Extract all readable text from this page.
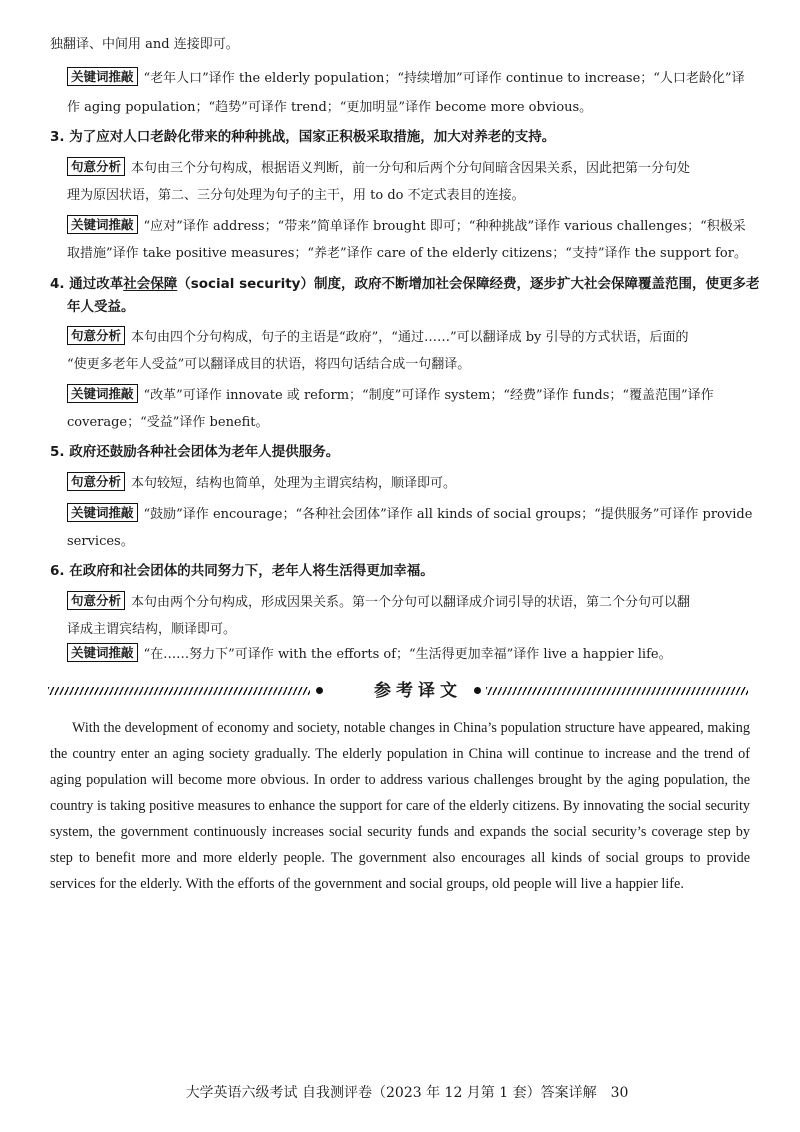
独翻译、中间用 and 连接即可。
关键词推敲 “老年人口”译作 the elderly population；“持续增加”可译作 continue to increase；“人口老龄化”译
作 aging population；“趋势”可译作 trend；“更加明显”译作 become more obvious。
3. 为了应对人口老龄化带来的种种挑战，国家正积极采取措施，加大对养老的支持。
句意分析 本句由三个分句构成，根据语义判断，前一分句和后两个分句间暗含因果关系，因此把第一分句处
理为原因状语，第二、三分句处理为句子的主干，用 to do 不定式表目的连接。
关键词推敲 “应对”译作 address；“带来”简单译作 brought 即可；“种种挑战”译作 various challenges；“积极采
取措施”译作 take positive measures；“养老”译作 care of the elderly citizens；“支持”译作 the support for。
4. 通过改革社会保障（social security）制度，政府不断增加社会保障经费，逐步扩大社会保障覆盖范围，使更多老
年人受益。
句意分析 本句由四个分句构成，句子的主语是“政府”，“通过……”可以翻译成 by 引导的方式状语，后面的
“使更多老年人受益”可以翻译成目的状语，将四句话结合成一句翻译。
关键词推敲 “改革”可译作 innovate 或 reform；“制度”可译作 system；“经费”译作 funds；“覆盖范围”译作
coverage；“受益”译作 benefit。
5. 政府还鼓励各种社会团体为老年人提供服务。
句意分析 本句较短，结构也简单，处理为主谓宾结构，顺译即可。
关键词推敲 “鼓励”译作 encourage；“各种社会团体”译作 all kinds of social groups；“提供服务”可译作 provide
services。
6. 在政府和社会团体的共同努力下，老年人将生活得更加幸福。
句意分析 本句由两个分句构成，形成因果关系。第一个分句可以翻译成介词引导的状语，第二个分句可以翻
译成主谓宾结构，顺译即可。
关键词推敲 “在……努力下”可译作 with the efforts of；“生活得更加幸福”译作 live a happier life。
参考译文

With the development of economy and society, notable changes in China’s population structure have appeared, making the country enter an aging society gradually. The elderly population in China will continue to increase and the trend of aging population will become more obvious. In order to address various challenges brought by the aging population, the country is taking positive measures to enhance the support for care of the elderly citizens. By innovating the social security system, the government continuously increases social security funds and expands the social security’s coverage step by step to benefit more and more elderly people. The government also encourages all kinds of social groups to provide services for the elderly. With the efforts of the government and social groups, old people will live a happier life.

大学英语六级考试 自我测评卷（2023 年 12 月第 1 套）答案详解　30
